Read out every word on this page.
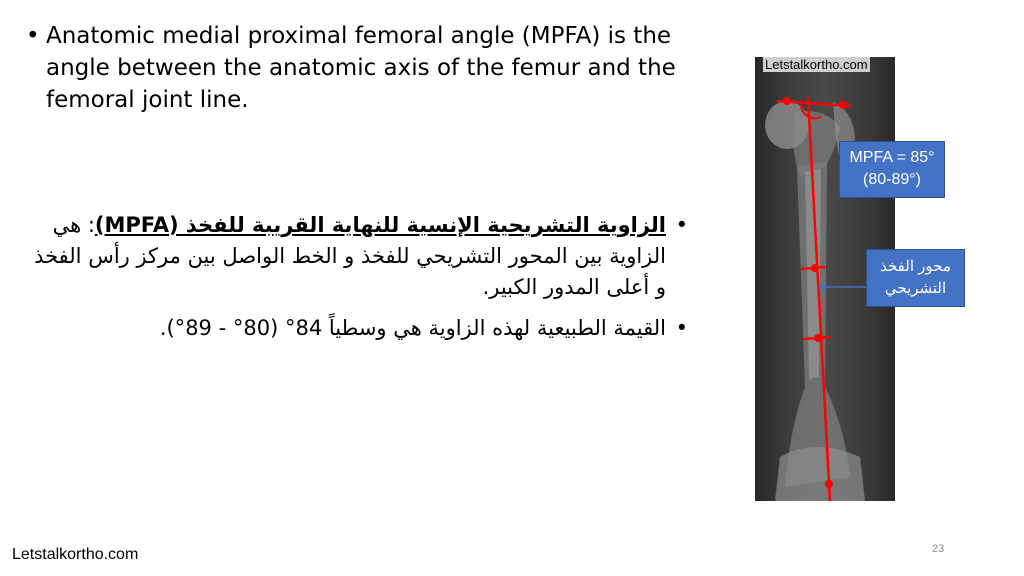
• Anatomic medial proximal femoral angle (MPFA) is the angle between the anatomic axis of the femur and the femoral joint line.
•
الزاوية التشريحية الإنسية للنهاية القريبة للفخذ (MPFA): هي الزاوية بين المحور التشريحي للفخذ و الخط الواصل بين مركز رأس الفخذ و أعلى المدور الكبير.
•
القيمة الطبيعية لهذه الزاوية هي وسطياً 84° (80° - 89°).
Letstalkortho.com
MPFA = 85°
(80-89°)
محور الفخذ
التشريحي
Letstalkortho.com	23
